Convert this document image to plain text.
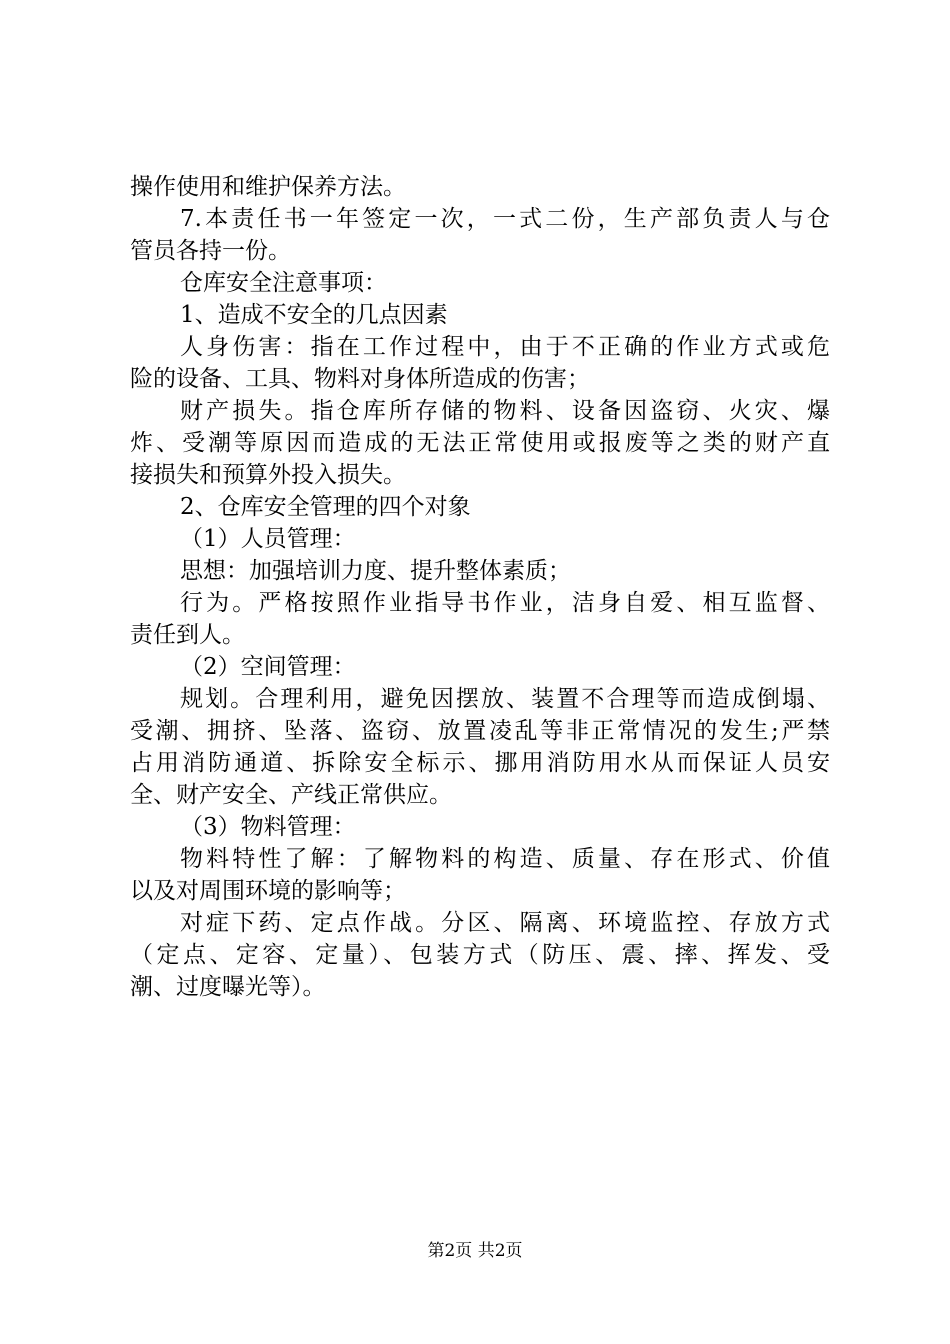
操作使用和维护保养方法。
7.本责任书一年签定一次，一式二份，生产部负责人与仓
管员各持一份。
仓库安全注意事项：
1、造成不安全的几点因素
人身伤害：指在工作过程中，由于不正确的作业方式或危
险的设备、工具、物料对身体所造成的伤害；
财产损失。指仓库所存储的物料、设备因盗窃、火灾、爆
炸、受潮等原因而造成的无法正常使用或报废等之类的财产直
接损失和预算外投入损失。
2、仓库安全管理的四个对象
（1）人员管理：
思想：加强培训力度、提升整体素质；
行为。严格按照作业指导书作业，洁身自爱、相互监督、
责任到人。
（2）空间管理：
规划。合理利用，避免因摆放、装置不合理等而造成倒塌、
受潮、拥挤、坠落、盗窃、放置凌乱等非正常情况的发生;严禁
占用消防通道、拆除安全标示、挪用消防用水从而保证人员安
全、财产安全、产线正常供应。
（3）物料管理：
物料特性了解：了解物料的构造、质量、存在形式、价值
以及对周围环境的影响等；
对症下药、定点作战。分区、隔离、环境监控、存放方式
（定点、定容、定量）、包装方式（防压、震、摔、挥发、受
潮、过度曝光等）。
第2页 共2页
